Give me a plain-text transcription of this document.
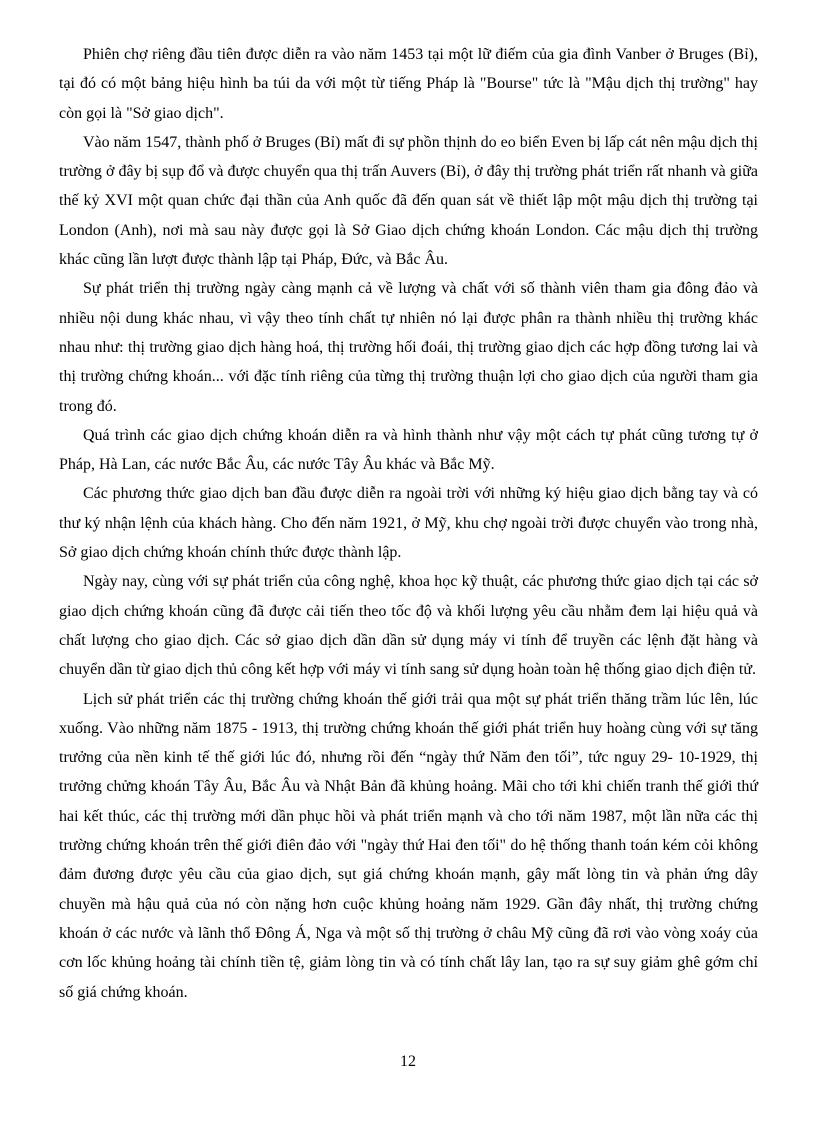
Phiên chợ riêng đầu tiên được diễn ra vào năm 1453 tại một lữ điếm của gia đình Vanber ở Bruges (Bỉ), tại đó có một bảng hiệu hình ba túi da với một từ tiếng Pháp là "Bourse" tức là "Mậu dịch thị trường" hay còn gọi là "Sở giao dịch".

Vào năm 1547, thành phố ở Bruges (Bỉ) mất đi sự phồn thịnh do eo biển Even bị lấp cát nên mậu dịch thị trường ở đây bị sụp đổ và được chuyển qua thị trấn Auvers (Bỉ), ở đây thị trường phát triển rất nhanh và giữa thế kỷ XVI một quan chức đại thần của Anh quốc đã đến quan sát về thiết lập một mậu dịch thị trường tại London (Anh), nơi mà sau này được gọi là Sở Giao dịch chứng khoán London. Các mậu dịch thị trường khác cũng lần lượt được thành lập tại Pháp, Đức, và Bắc Âu.

Sự phát triển thị trường ngày càng mạnh cả về lượng và chất với số thành viên tham gia đông đảo và nhiều nội dung khác nhau, vì vậy theo tính chất tự nhiên nó lại được phân ra thành nhiều thị trường khác nhau như: thị trường giao dịch hàng hoá, thị trường hối đoái, thị trường giao dịch các hợp đồng tương lai và thị trường chứng khoán... với đặc tính riêng của từng thị trường thuận lợi cho giao dịch của người tham gia trong đó.

Quá trình các giao dịch chứng khoán diễn ra và hình thành như vậy một cách tự phát cũng tương tự ở Pháp, Hà Lan, các nước Bắc Âu, các nước Tây Âu khác và Bắc Mỹ.

Các phương thức giao dịch ban đầu được diễn ra ngoài trời với những ký hiệu giao dịch bằng tay và có thư ký nhận lệnh của khách hàng. Cho đến năm 1921, ở Mỹ, khu chợ ngoài trời được chuyển vào trong nhà, Sở giao dịch chứng khoán chính thức được thành lập.

Ngày nay, cùng với sự phát triển của công nghệ, khoa học kỹ thuật, các phương thức giao dịch tại các sở giao dịch chứng khoán cũng đã được cải tiến theo tốc độ và khối lượng yêu cầu nhằm đem lại hiệu quả và chất lượng cho giao dịch. Các sở giao dịch dần dần sử dụng máy vi tính để truyền các lệnh đặt hàng và chuyển dần từ giao dịch thủ công kết hợp với máy vi tính sang sử dụng hoàn toàn hệ thống giao dịch điện tử.

Lịch sử phát triển các thị trường chứng khoán thế giới trải qua một sự phát triển thăng trầm lúc lên, lúc xuống. Vào những năm 1875 - 1913, thị trường chứng khoán thế giới phát triển huy hoàng cùng với sự tăng trưởng của nền kinh tế thế giới lúc đó, nhưng rồi đến “ngày thứ Năm đen tối”, tức nguy 29- 10-1929, thị trưởng chửng khoán Tây Âu, Bắc Âu và Nhật Bản đã khủng hoảng. Mãi cho tới khi chiến tranh thế giới thứ hai kết thúc, các thị trường mới dần phục hồi và phát triển mạnh và cho tới năm 1987, một lần nữa các thị trường chứng khoán trên thế giới điên đảo với "ngày thứ Hai đen tối" do hệ thống thanh toán kém cỏi không đảm đương được yêu cầu của giao dịch, sụt giá chứng khoán mạnh, gây mất lòng tin và phản ứng dây chuyền mà hậu quả của nó còn nặng hơn cuộc khủng hoảng năm 1929. Gần đây nhất, thị trường chứng khoán ở các nước và lãnh thổ Đông Á, Nga và một số thị trường ở châu Mỹ cũng đã rơi vào vòng xoáy của cơn lốc khủng hoảng tài chính tiền tệ, giảm lòng tin và có tính chất lây lan, tạo ra sự suy giảm ghê gớm chỉ số giá chứng khoán.

12
